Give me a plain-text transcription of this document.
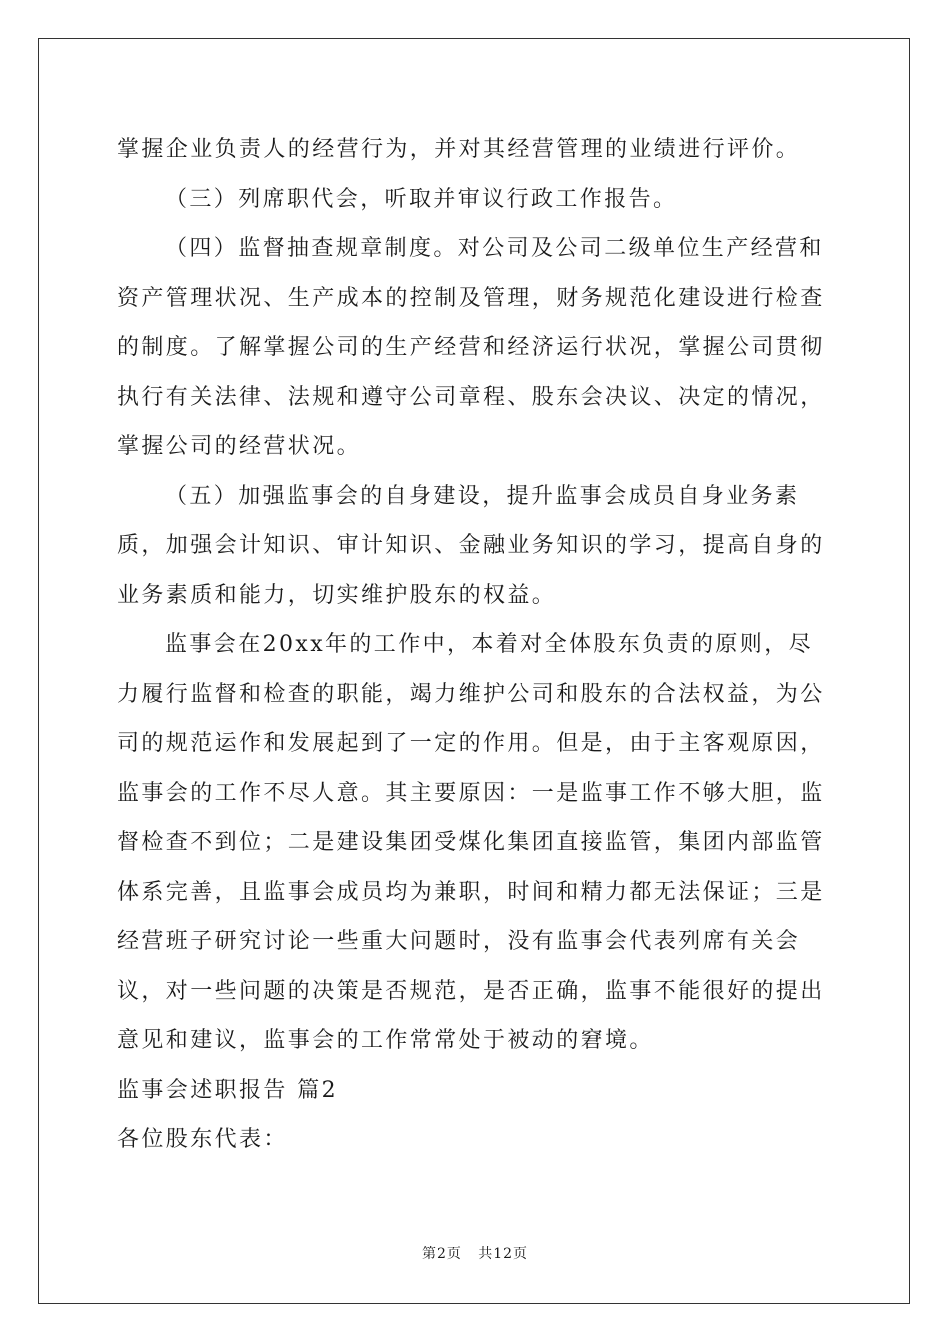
掌握企业负责人的经营行为，并对其经营管理的业绩进行评价。

（三）列席职代会，听取并审议行政工作报告。

（四）监督抽查规章制度。对公司及公司二级单位生产经营和资产管理状况、生产成本的控制及管理，财务规范化建设进行检查的制度。了解掌握公司的生产经营和经济运行状况，掌握公司贯彻执行有关法律、法规和遵守公司章程、股东会决议、决定的情况，掌握公司的经营状况。

（五）加强监事会的自身建设，提升监事会成员自身业务素质，加强会计知识、审计知识、金融业务知识的学习，提高自身的业务素质和能力，切实维护股东的权益。

监事会在20xx年的工作中，本着对全体股东负责的原则，尽力履行监督和检查的职能，竭力维护公司和股东的合法权益，为公司的规范运作和发展起到了一定的作用。但是，由于主客观原因，监事会的工作不尽人意。其主要原因：一是监事工作不够大胆，监督检查不到位；二是建设集团受煤化集团直接监管，集团内部监管体系完善，且监事会成员均为兼职，时间和精力都无法保证；三是经营班子研究讨论一些重大问题时，没有监事会代表列席有关会议，对一些问题的决策是否规范，是否正确，监事不能很好的提出意见和建议，监事会的工作常常处于被动的窘境。

监事会述职报告 篇2

各位股东代表：

第2页   共12页
